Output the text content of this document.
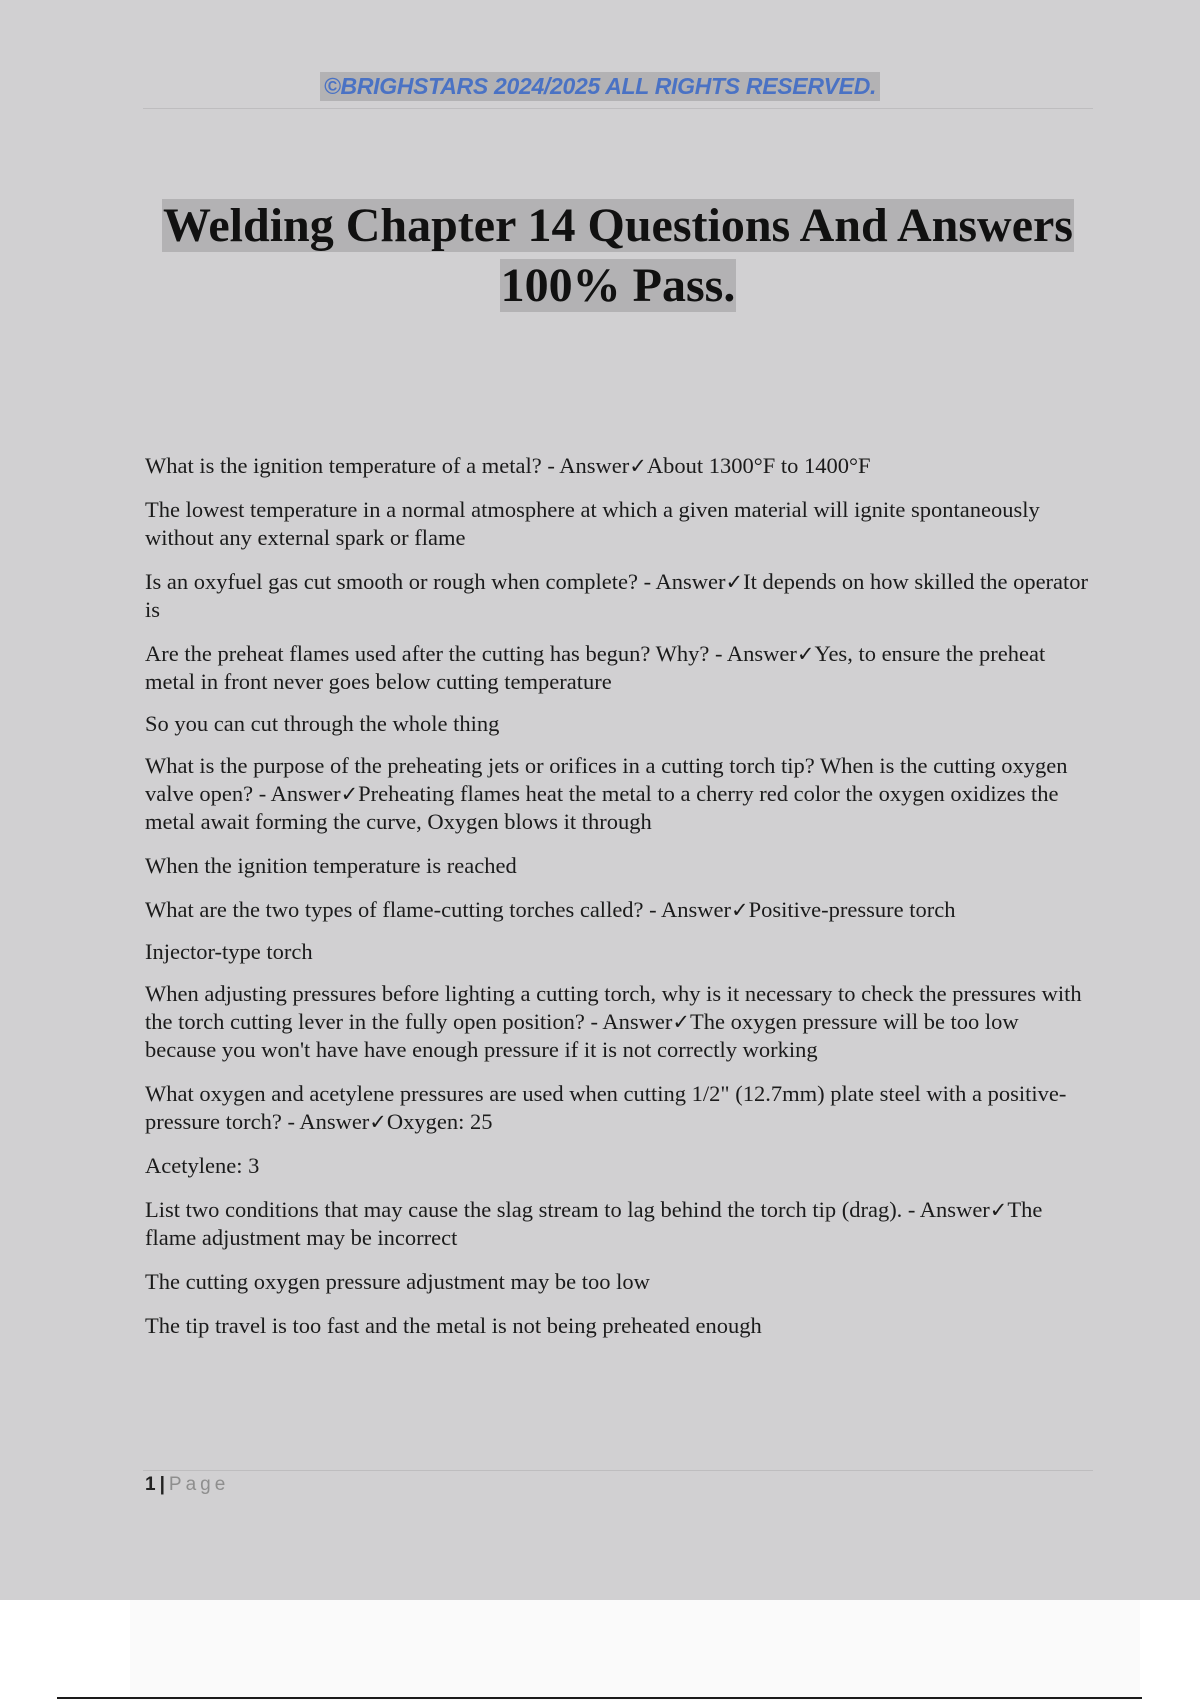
©BRIGHSTARS 2024/2025 ALL RIGHTS RESERVED.
Welding Chapter 14 Questions And Answers
100% Pass.

What is the ignition temperature of a metal? - Answer✓About 1300°F to 1400°F

The lowest temperature in a normal atmosphere at which a given material will ignite spontaneously without any external spark or flame

Is an oxyfuel gas cut smooth or rough when complete? - Answer✓It depends on how skilled the operator is

Are the preheat flames used after the cutting has begun? Why? - Answer✓Yes, to ensure the preheat metal in front never goes below cutting temperature

So you can cut through the whole thing

What is the purpose of the preheating jets or orifices in a cutting torch tip? When is the cutting oxygen valve open? - Answer✓Preheating flames heat the metal to a cherry red color the oxygen oxidizes the metal await forming the curve, Oxygen blows it through

When the ignition temperature is reached

What are the two types of flame-cutting torches called? - Answer✓Positive-pressure torch

Injector-type torch

When adjusting pressures before lighting a cutting torch, why is it necessary to check the pressures with the torch cutting lever in the fully open position? - Answer✓The oxygen pressure will be too low because you won't have have enough pressure if it is not correctly working

What oxygen and acetylene pressures are used when cutting 1/2" (12.7mm) plate steel with a positive-pressure torch? - Answer✓Oxygen: 25

Acetylene: 3

List two conditions that may cause the slag stream to lag behind the torch tip (drag). - Answer✓The flame adjustment may be incorrect

The cutting oxygen pressure adjustment may be too low

The tip travel is too fast and the metal is not being preheated enough

1 | Page
